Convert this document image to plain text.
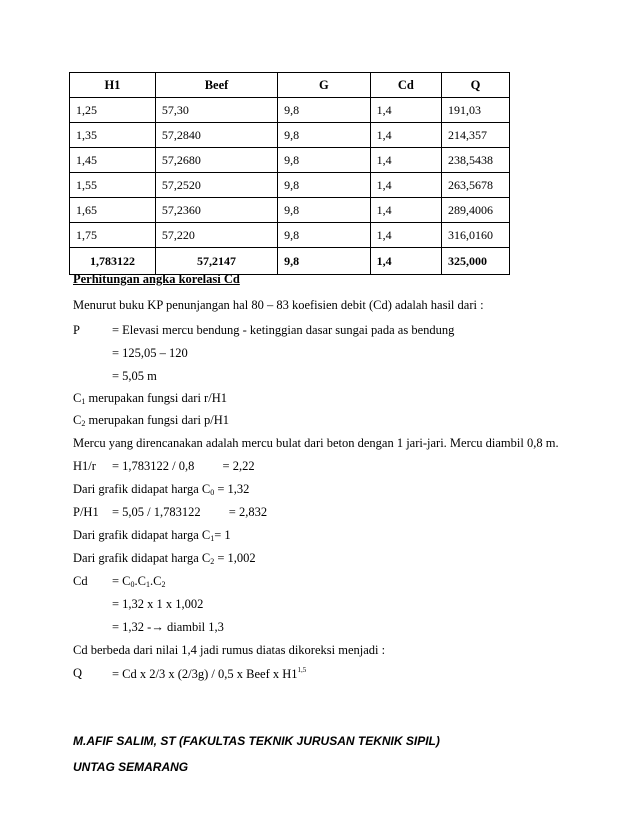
H1	Beef	G	Cd	Q
1,25	57,30	9,8	1,4	191,03
1,35	57,2840	9,8	1,4	214,357
1,45	57,2680	9,8	1,4	238,5438
1,55	57,2520	9,8	1,4	263,5678
1,65	57,2360	9,8	1,4	289,4006
1,75	57,220	9,8	1,4	316,0160
1,783122	57,2147	9,8	1,4	325,000
Perhitungan angka korelasi Cd
Menurut buku KP penunjangan hal 80 – 83 koefisien debit (Cd) adalah hasil dari :
P	= Elevasi mercu bendung - ketinggian dasar sungai pada as bendung
= 125,05 – 120
= 5,05 m
$C_1$ merupakan fungsi dari r/H1
$C_2$ merupakan fungsi dari p/H1
Mercu yang direncanakan adalah mercu bulat dari beton dengan 1 jari-jari. Mercu diambil 0,8 m.
H1/r = 1,783122 / 0,8         = 2,22
Dari grafik didapat harga $C_0 = 1,32$
P/H1 = 5,05 / 1,783122         = 2,832
Dari grafik didapat harga $C_1= 1$
Dari grafik didapat harga $C_2 = 1,002$
$Cd = C_0.C_1.C_2$
= 1,32 x 1 x 1,002
= 1,32 -→ diambil 1,3
Cd berbeda dari nilai 1,4 jadi rumus diatas dikoreksi menjadi :
Q = Cd x 2/3 x (2/3g) / 0,5 x Beef x H1$^{1,5}$
M.AFIF SALIM, ST (FAKULTAS TEKNIK JURUSAN TEKNIK SIPIL)
UNTAG SEMARANG
